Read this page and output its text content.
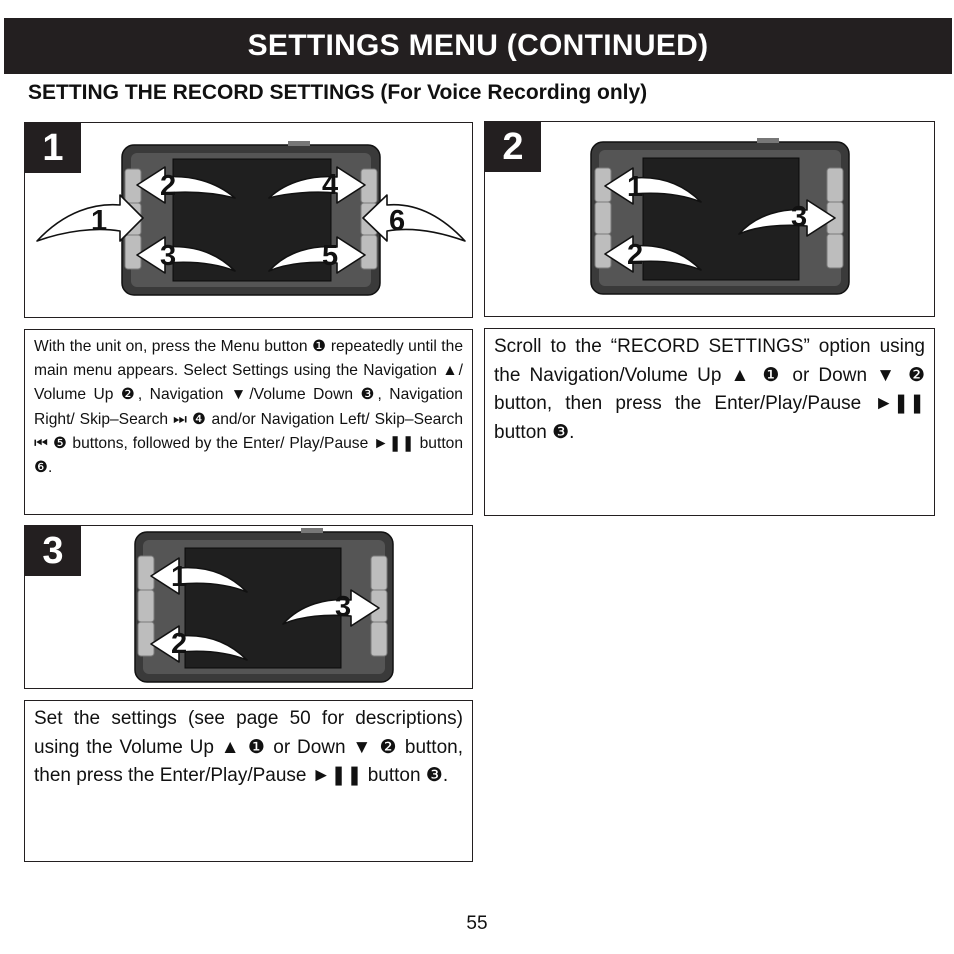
SETTINGS MENU (CONTINUED)
SETTING THE RECORD SETTINGS (For Voice Recording only)
1
1
2
3
4
5
6
2
1
2
3

With the unit on, press the Menu button ❶ repeatedly until the main menu appears. Select Settings using the Navigation ▲/ Volume Up ❷, Navigation ▼/Volume Down ❸, Navigation Right/ Skip–Search ⏭ ❹ and/or Navigation Left/ Skip–Search ⏮ ❺ buttons, followed by the Enter/ Play/Pause ►❚❚ button ❻.

Scroll to the “RECORD SETTINGS” option using the Navigation/Volume Up ▲ ❶ or Down ▼ ❷ button, then press the Enter/Play/Pause ►❚❚ button ❸.

3
1
2
3

Set the settings (see page 50 for descriptions) using the Volume Up ▲ ❶ or Down ▼ ❷ button, then press the Enter/Play/Pause ►❚❚ button ❸.

55
